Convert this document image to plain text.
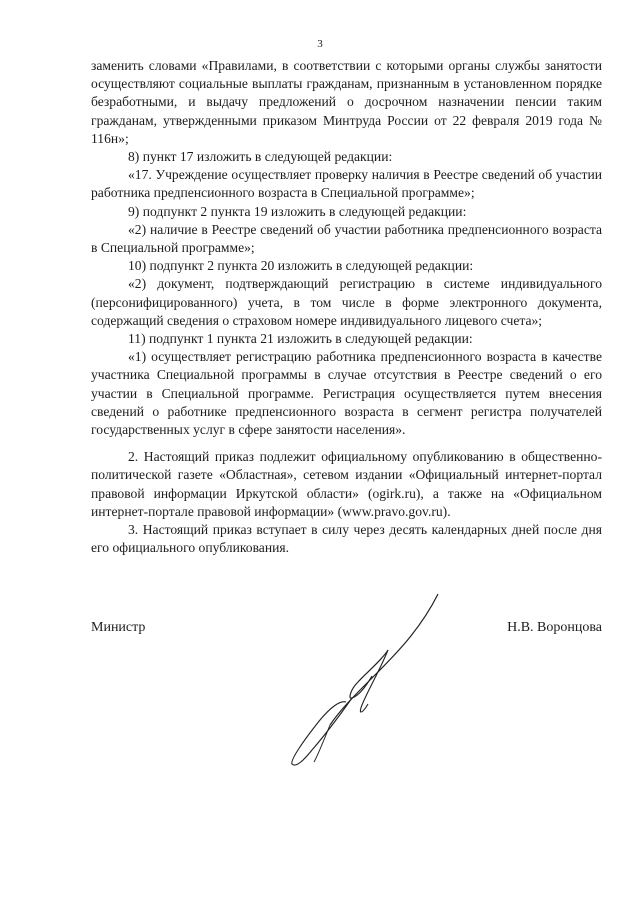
3

заменить словами «Правилами, в соответствии с которыми органы службы занятости осуществляют социальные выплаты гражданам, признанным в установленном порядке безработными, и выдачу предложений о досрочном назначении пенсии таким гражданам, утвержденными приказом Минтруда России от 22 февраля 2019 года № 116н»;

8) пункт 17 изложить в следующей редакции:

«17. Учреждение осуществляет проверку наличия в Реестре сведений об участии работника предпенсионного возраста в Специальной программе»;

9) подпункт 2 пункта 19 изложить в следующей редакции:

«2) наличие в Реестре сведений об участии работника предпенсионного возраста в Специальной программе»;

10) подпункт 2 пункта 20 изложить в следующей редакции:

«2) документ, подтверждающий регистрацию в системе индивидуального (персонифицированного) учета, в том числе в форме электронного документа, содержащий сведения о страховом номере индивидуального лицевого счета»;

11) подпункт 1 пункта 21 изложить в следующей редакции:

«1) осуществляет регистрацию работника предпенсионного возраста в качестве участника Специальной программы в случае отсутствия в Реестре сведений о его участии в Специальной программе. Регистрация осуществляется путем внесения сведений о работнике предпенсионного возраста в сегмент регистра получателей государственных услуг в сфере занятости населения».

2. Настоящий приказ подлежит официальному опубликованию в общественно-политической газете «Областная», сетевом издании «Официальный интернет-портал правовой информации Иркутской области» (ogirk.ru), а также на «Официальном интернет-портале правовой информации» (www.pravo.gov.ru).

3. Настоящий приказ вступает в силу через десять календарных дней после дня его официального опубликования.

Министр	Н.В. Воронцова
